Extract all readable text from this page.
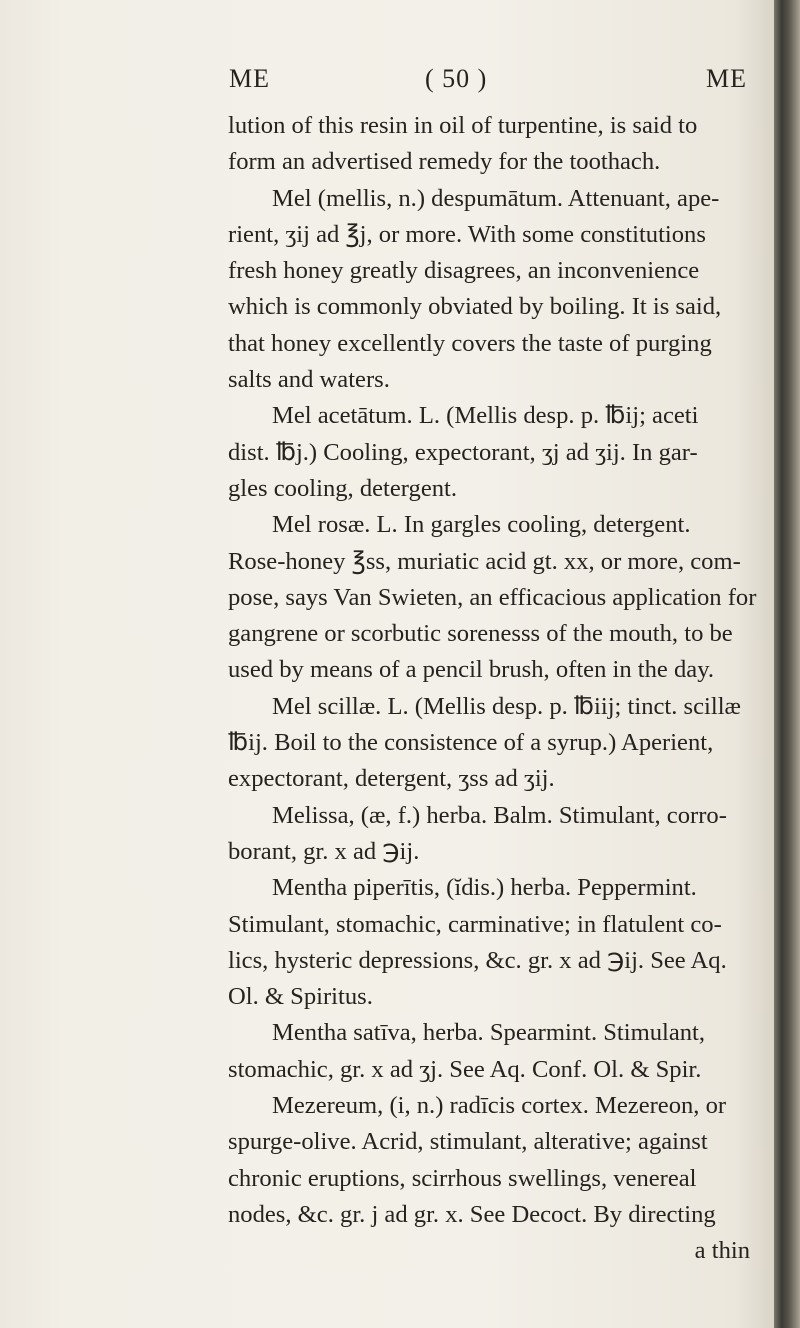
ME	( 50 )	ME
lution of this resin in oil of turpentine, is said to
form an advertised remedy for the toothach.
Mel (mellis, n.) despumātum. Attenuant, ape-
rient, ʒij ad ℥j, or more. With some constitutions
fresh honey greatly disagrees, an inconvenience
which is commonly obviated by boiling. It is said,
that honey excellently covers the taste of purging
salts and waters.
Mel acetātum. L. (Mellis desp. p. ℔ij; aceti
dist. ℔j.) Cooling, expectorant, ʒj ad ʒij. In gar-
gles cooling, detergent.
Mel rosæ. L. In gargles cooling, detergent.
Rose-honey ℥ss, muriatic acid gt. xx, or more, com-
pose, says Van Swieten, an efficacious application for
gangrene or scorbutic sorenesss of the mouth, to be
used by means of a pencil brush, often in the day.
Mel scillæ. L. (Mellis desp. p. ℔iij; tinct. scillæ
℔ij. Boil to the consistence of a syrup.) Aperient,
expectorant, detergent, ʒss ad ʒij.
Melissa, (æ, f.) herba. Balm. Stimulant, corro-
borant, gr. x ad ℈ij.
Mentha piperītis, (ĭdis.) herba. Peppermint.
Stimulant, stomachic, carminative; in flatulent co-
lics, hysteric depressions, &c. gr. x ad ℈ij. See Aq.
Ol. & Spiritus.
Mentha satīva, herba. Spearmint. Stimulant,
stomachic, gr. x ad ʒj. See Aq. Conf. Ol. & Spir.
Mezereum, (i, n.) radīcis cortex. Mezereon, or
spurge-olive. Acrid, stimulant, alterative; against
chronic eruptions, scirrhous swellings, venereal
nodes, &c. gr. j ad gr. x. See Decoct. By directing
a thin
